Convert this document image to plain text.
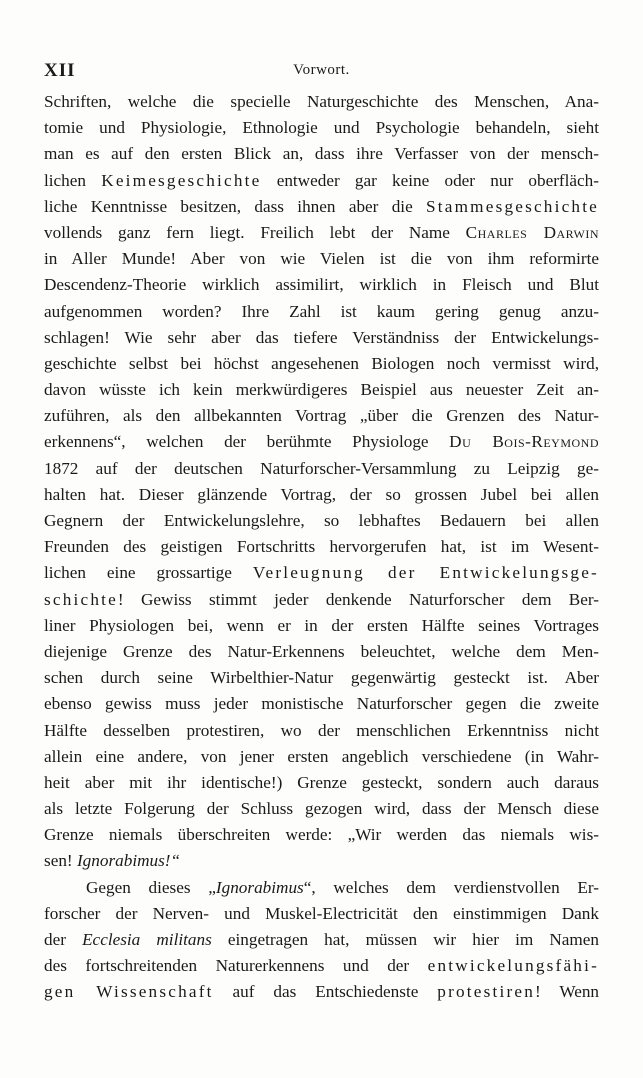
XII	Vorwort.
Schriften, welche die specielle Naturgeschichte des Menschen, Ana-
tomie und Physiologie, Ethnologie und Psychologie behandeln, sieht
man es auf den ersten Blick an, dass ihre Verfasser von der mensch-
lichen Keimesgeschichte entweder gar keine oder nur oberfläch-
liche Kenntnisse besitzen, dass ihnen aber die Stammesgeschichte
vollends ganz fern liegt. Freilich lebt der Name Charles Darwin
in Aller Munde! Aber von wie Vielen ist die von ihm reformirte
Descendenz-Theorie wirklich assimilirt, wirklich in Fleisch und Blut
aufgenommen worden? Ihre Zahl ist kaum gering genug anzu-
schlagen! Wie sehr aber das tiefere Verständniss der Entwickelungs-
geschichte selbst bei höchst angesehenen Biologen noch vermisst wird,
davon wüsste ich kein merkwürdigeres Beispiel aus neuester Zeit an-
zuführen, als den allbekannten Vortrag „über die Grenzen des Natur-
erkennens“, welchen der berühmte Physiologe Du Bois-Reymond
1872 auf der deutschen Naturforscher-Versammlung zu Leipzig ge-
halten hat. Dieser glänzende Vortrag, der so grossen Jubel bei allen
Gegnern der Entwickelungslehre, so lebhaftes Bedauern bei allen
Freunden des geistigen Fortschritts hervorgerufen hat, ist im Wesent-
lichen eine grossartige Verleugnung der Entwickelungsge-
schichte! Gewiss stimmt jeder denkende Naturforscher dem Ber-
liner Physiologen bei, wenn er in der ersten Hälfte seines Vortrages
diejenige Grenze des Natur-Erkennens beleuchtet, welche dem Men-
schen durch seine Wirbelthier-Natur gegenwärtig gesteckt ist. Aber
ebenso gewiss muss jeder monistische Naturforscher gegen die zweite
Hälfte desselben protestiren, wo der menschlichen Erkenntniss nicht
allein eine andere, von jener ersten angeblich verschiedene (in Wahr-
heit aber mit ihr identische!) Grenze gesteckt, sondern auch daraus
als letzte Folgerung der Schluss gezogen wird, dass der Mensch diese
Grenze niemals überschreiten werde: „Wir werden das niemals wis-
sen! Ignorabimus!“
Gegen dieses „Ignorabimus“, welches dem verdienstvollen Er-
forscher der Nerven- und Muskel-Electricität den einstimmigen Dank
der Ecclesia militans eingetragen hat, müssen wir hier im Namen
des fortschreitenden Naturerkennens und der entwickelungsfähi-
gen Wissenschaft auf das Entschiedenste protestiren! Wenn
